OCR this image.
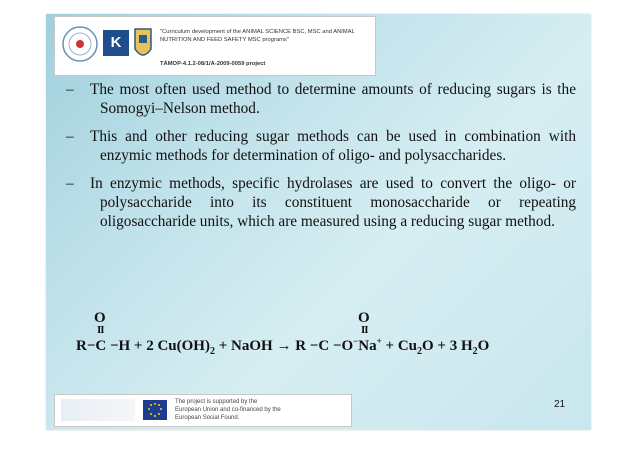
K
"Curriculum development of the ANIMAL SCIENCE BSC, MSC and ANIMAL
NUTRITION AND FEED SAFETY MSC programs"
TÁMOP-4.1.2-08/1/A-2009-0059 project
– The most often used method to determine amounts of reducing sugars is the Somogyi–Nelson method.
– This and other reducing sugar methods can be used in combination with enzymic methods for determination of oligo- and polysaccharides.
– In enzymic methods, specific hydrolases are used to convert the oligo- or polysaccharide into its constituent monosaccharide or repeating oligosaccharide units, which are measured using a reducing sugar method.
O
II
O
II
R−C −H + 2 $Cu(OH)_2$ + NaOH → $R -C -O^-Na^+ + Cu_2O + 3$ $H_2O$
The project is supported by the
European Union and co-financed by the
European Social Found.
21
